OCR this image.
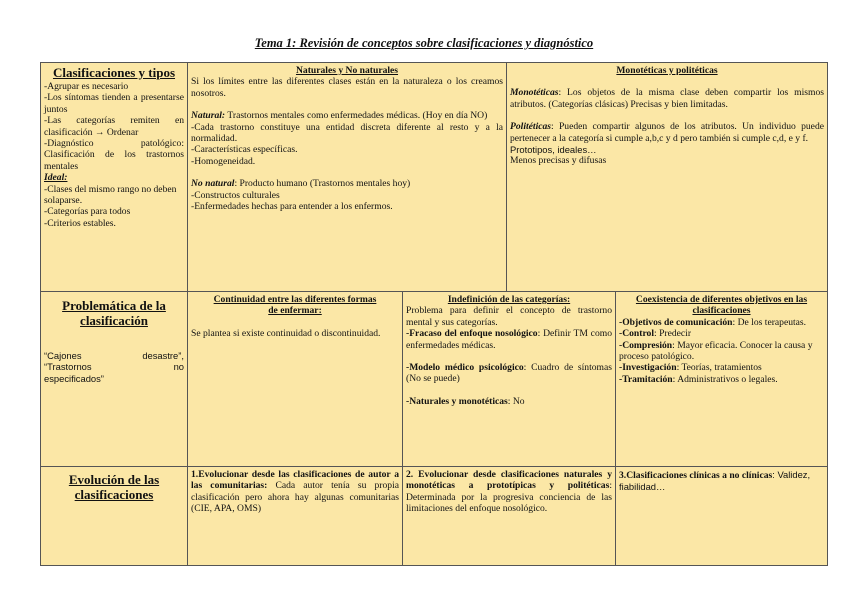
Tema 1: Revisión de conceptos sobre clasificaciones y diagnóstico
Clasificaciones y tipos

-Agrupar es necesario

-Los síntomas tienden a presentarse juntos

-Las categorías remiten en clasificación → Ordenar

-Diagnóstico patológico: Clasificación de los trastornos mentales

Ideal:

-Clases del mismo rango no deben solaparse.

-Categorías para todos

-Criterios estables.

Naturales y No naturales

Si los límites entre las diferentes clases están en la naturaleza o los creamos nosotros.

Natural: Trastornos mentales como enfermedades médicas. (Hoy en día NO)

-Cada trastorno constituye una entidad discreta diferente al resto y a la normalidad.

-Características específicas.

-Homogeneidad.

No natural: Producto humano (Trastornos mentales hoy)

-Constructos culturales

-Enfermedades hechas para entender a los enfermos.

Monotéticas y politéticas

Monotéticas: Los objetos de la misma clase deben compartir los mismos atributos. (Categorías clásicas) Precisas y bien limitadas.

Politéticas: Pueden compartir algunos de los atributos. Un individuo puede pertenecer a la categoría si cumple a,b,c y d pero también si cumple c,d, e y f.

Prototipos, ideales…

Menos precisas y difusas

Problemática de la clasificación
“Cajones	desastre”,
“Trastornos	no
especificados”
Continuidad entre las diferentes formas de enfermar:

Se plantea si existe continuidad o discontinuidad.

Indefinición de las categorías:

Problema para definir el concepto de trastorno mental y sus categorías.

-Fracaso del enfoque nosológico: Definir TM como enfermedades médicas.

-Modelo médico psicológico: Cuadro de síntomas (No se puede)

-Naturales y monotéticas: No

Coexistencia de diferentes objetivos en las clasificaciones

-Objetivos de comunicación: De los terapeutas.

-Control: Predecir

-Compresión: Mayor eficacia. Conocer la causa y proceso patológico.

-Investigación: Teorías, tratamientos

-Tramitación: Administrativos o legales.

Evolución de las clasificaciones

1.Evolucionar desde las clasificaciones de autor a las comunitarias: Cada autor tenía su propia clasificación pero ahora hay algunas comunitarias (CIE, APA, OMS)

2. Evolucionar desde clasificaciones naturales y monotéticas a prototípicas y politéticas: Determinada por la progresiva conciencia de las limitaciones del enfoque nosológico.

3.Clasificaciones clínicas a no clínicas: Validez, fiabilidad…
